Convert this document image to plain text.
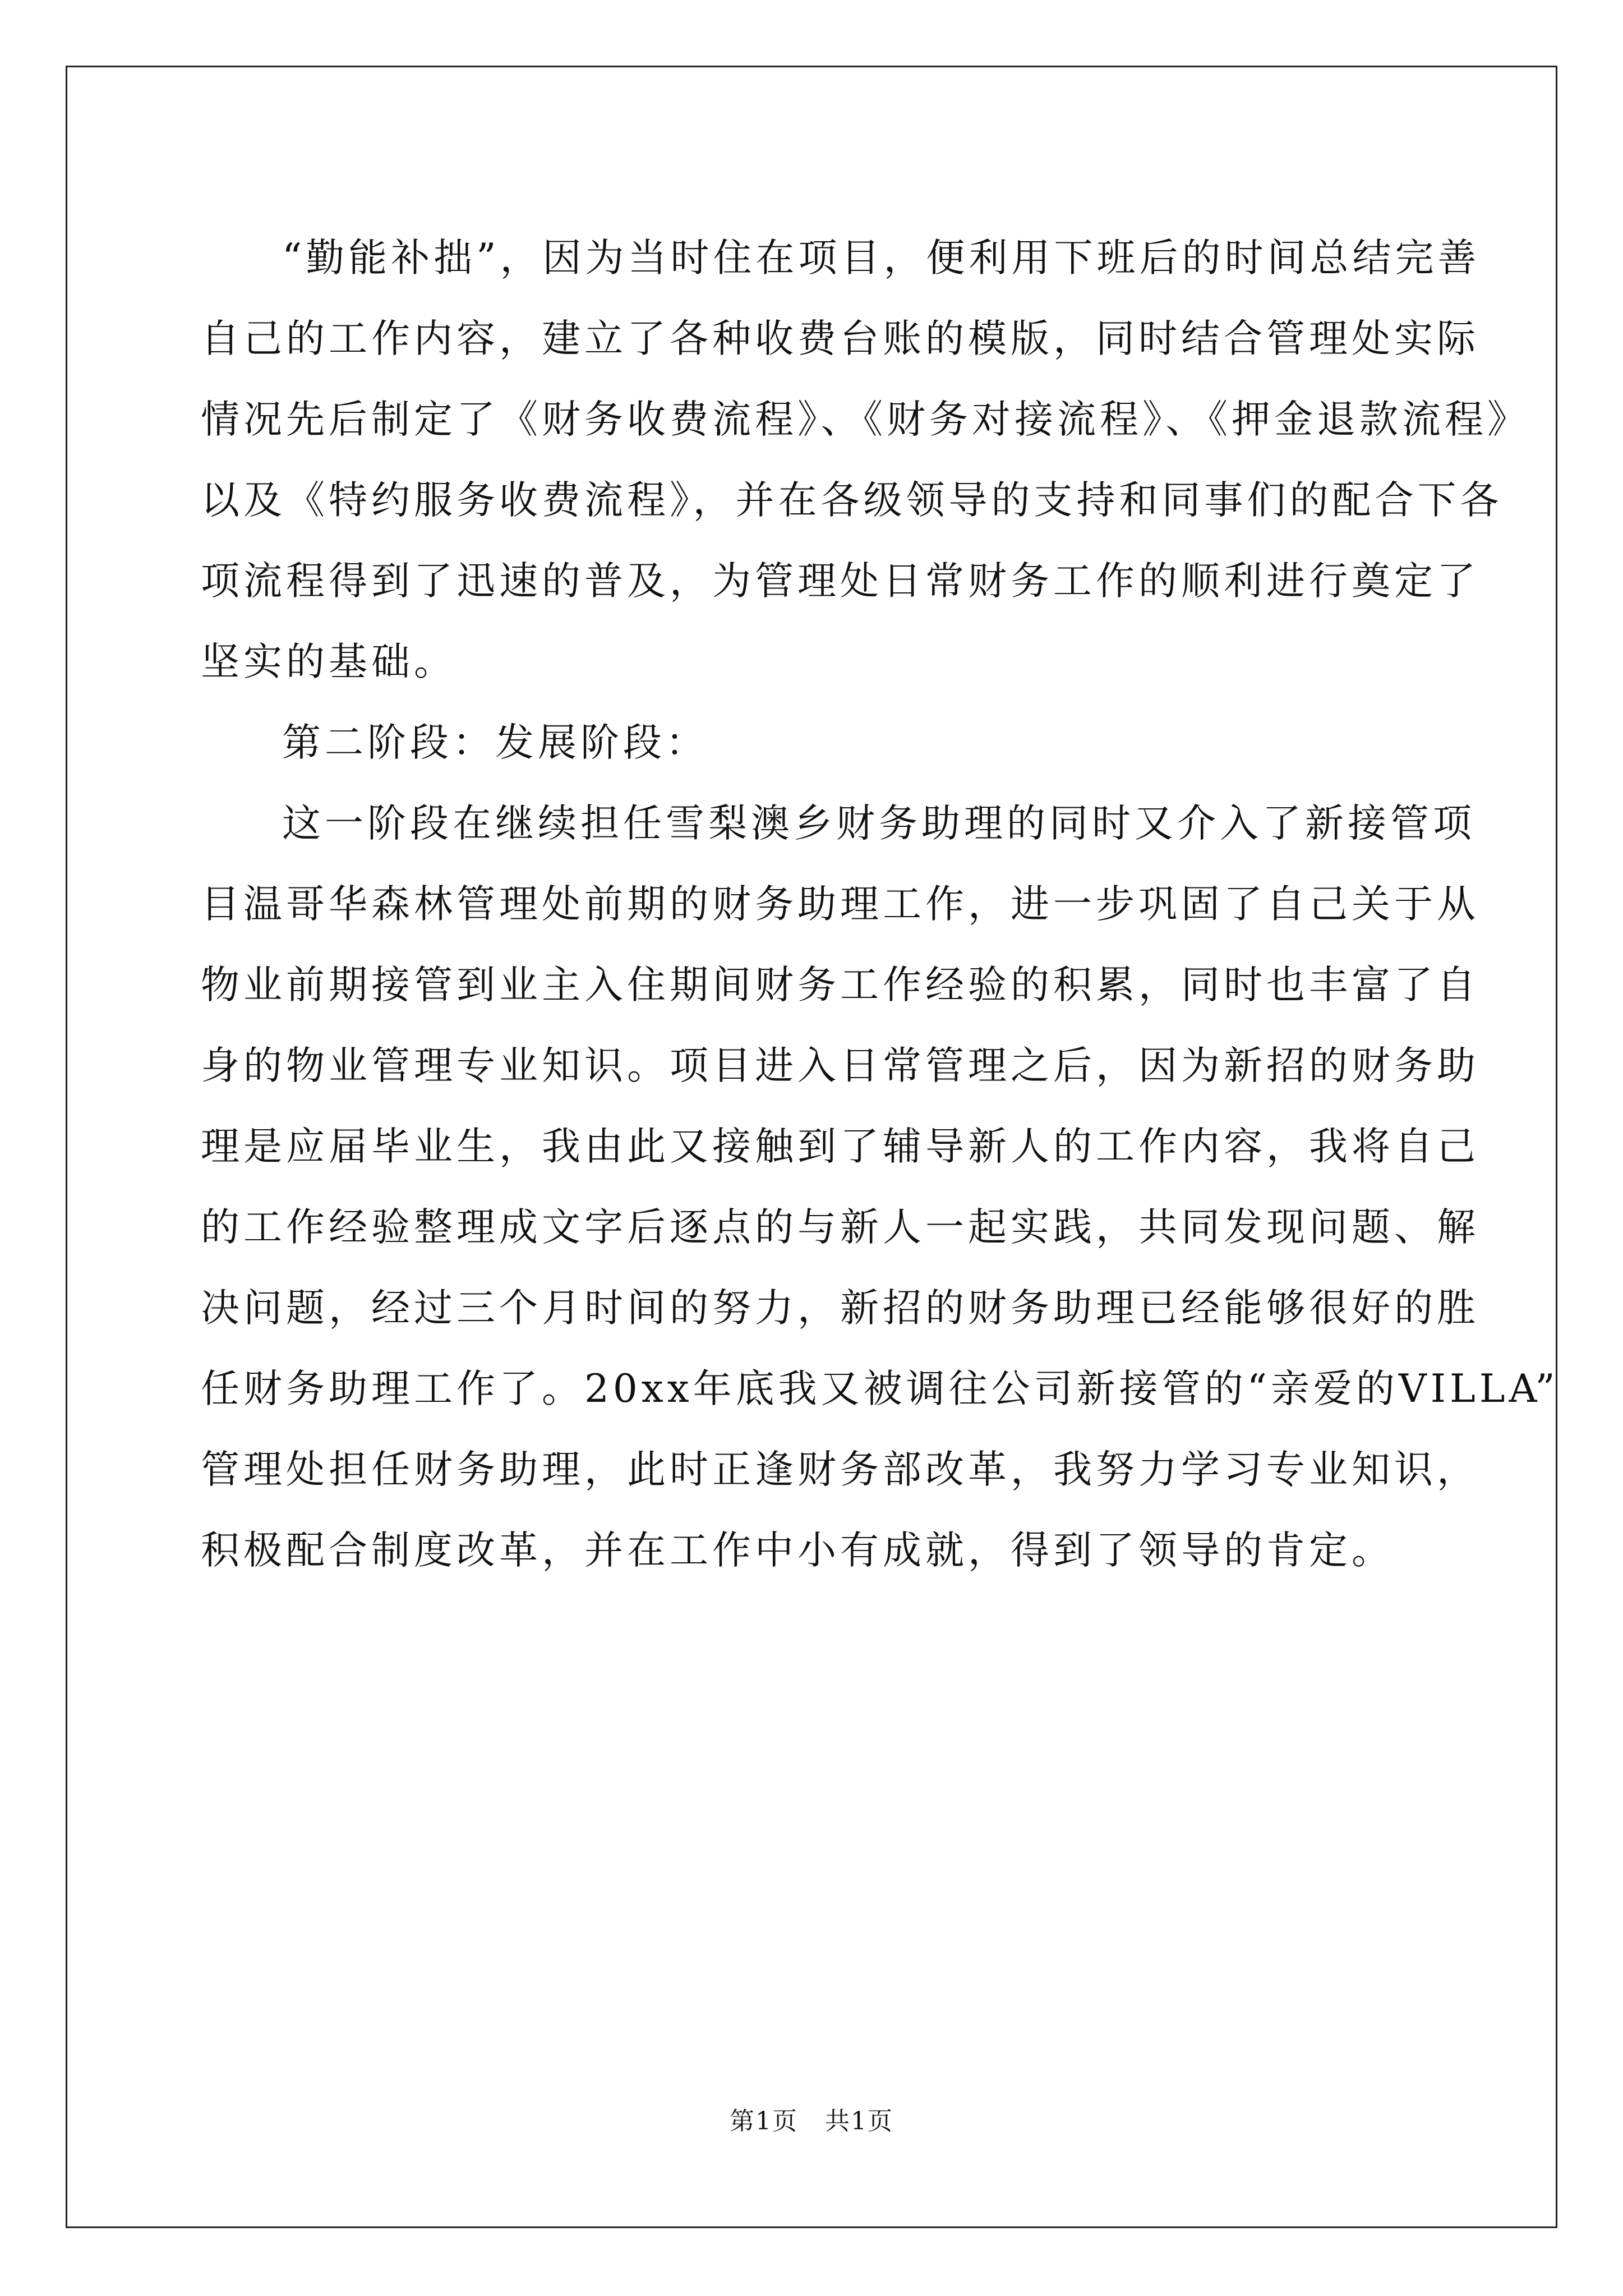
“勤能补拙”，因为当时住在项目，便利用下班后的时间总结完善

自己的工作内容，建立了各种收费台账的模版，同时结合管理处实际

情况先后制定了《财务收费流程》、《财务对接流程》、《押金退款流程》

以及《特约服务收费流程》，并在各级领导的支持和同事们的配合下各

项流程得到了迅速的普及，为管理处日常财务工作的顺利进行奠定了

坚实的基础。

第二阶段：发展阶段：

这一阶段在继续担任雪梨澳乡财务助理的同时又介入了新接管项

目温哥华森林管理处前期的财务助理工作，进一步巩固了自己关于从

物业前期接管到业主入住期间财务工作经验的积累，同时也丰富了自

身的物业管理专业知识。项目进入日常管理之后，因为新招的财务助

理是应届毕业生，我由此又接触到了辅导新人的工作内容，我将自己

的工作经验整理成文字后逐点的与新人一起实践，共同发现问题、解

决问题，经过三个月时间的努力，新招的财务助理已经能够很好的胜

任财务助理工作了。20xx年底我又被调往公司新接管的“亲爱的VILLA”

管理处担任财务助理，此时正逢财务部改革，我努力学习专业知识，

积极配合制度改革，并在工作中小有成就，得到了领导的肯定。

第1页   共1页
